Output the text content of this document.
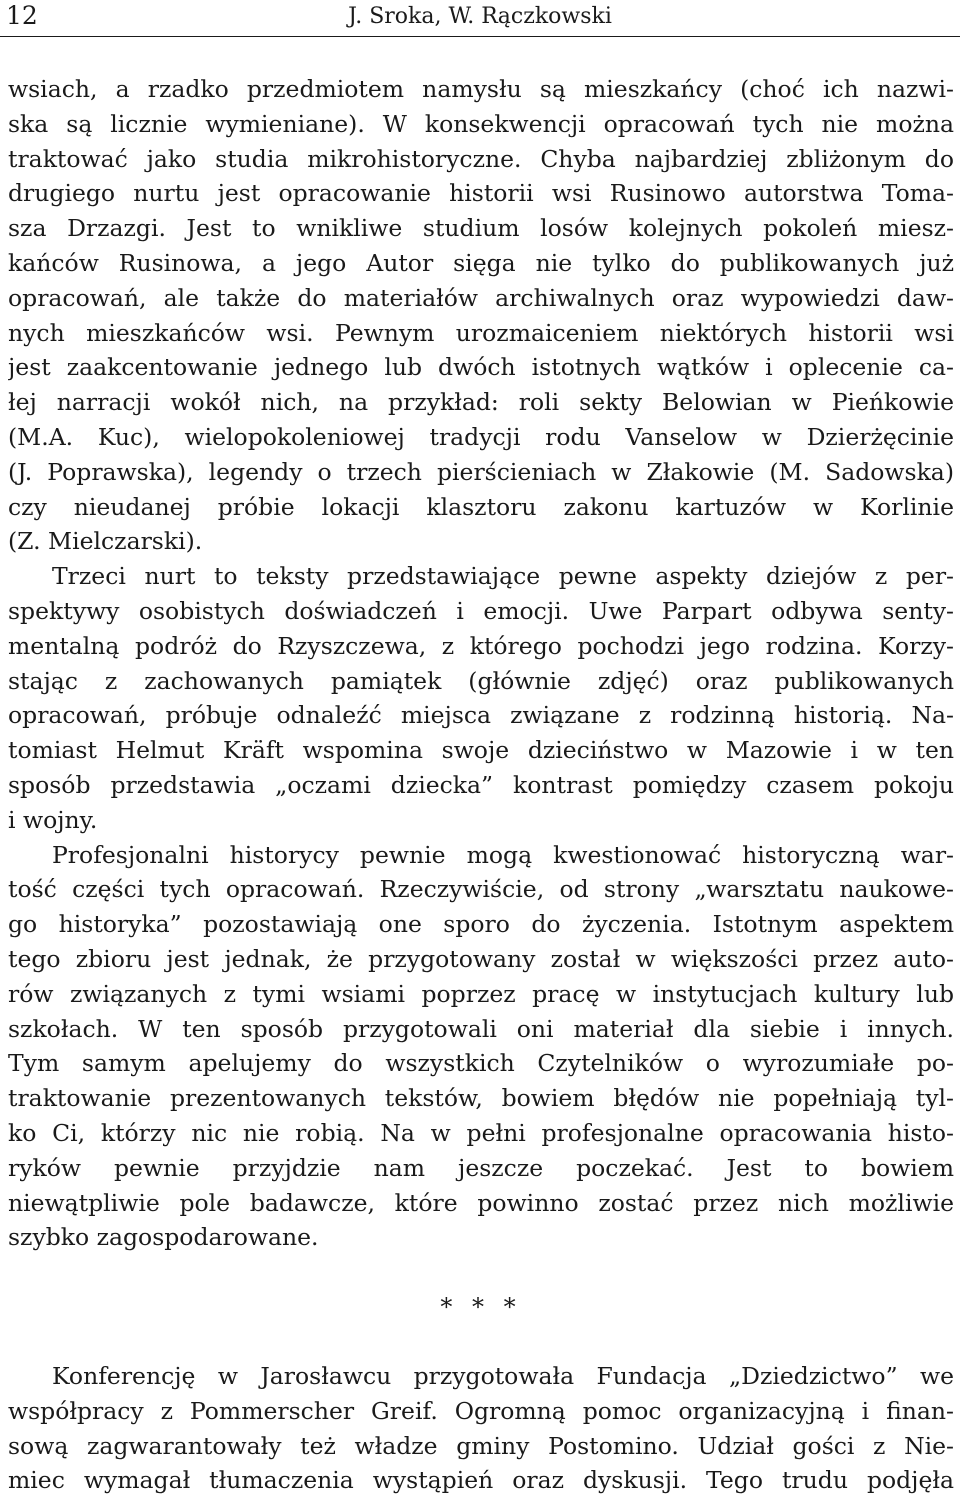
12	J. Sroka, W. Rączkowski
wsiach, a rzadko przedmiotem namysłu są mieszkańcy (choć ich nazwi-
ska są licznie wymieniane). W konsekwencji opracowań tych nie można
traktować jako studia mikrohistoryczne. Chyba najbardziej zbliżonym do
drugiego nurtu jest opracowanie historii wsi Rusinowo autorstwa Toma-
sza Drzazgi. Jest to wnikliwe studium losów kolejnych pokoleń miesz-
kańców Rusinowa, a jego Autor sięga nie tylko do publikowanych już
opracowań, ale także do materiałów archiwalnych oraz wypowiedzi daw-
nych mieszkańców wsi. Pewnym urozmaiceniem niektórych historii wsi
jest zaakcentowanie jednego lub dwóch istotnych wątków i oplecenie ca-
łej narracji wokół nich, na przykład: roli sekty Belowian w Pieńkowie
(M.A. Kuc), wielopokoleniowej tradycji rodu Vanselow w Dzierżęcinie
(J. Poprawska), legendy o trzech pierścieniach w Złakowie (M. Sadowska)
czy nieudanej próbie lokacji klasztoru zakonu kartuzów w Korlinie
(Z. Mielczarski).
Trzeci nurt to teksty przedstawiające pewne aspekty dziejów z per-
spektywy osobistych doświadczeń i emocji. Uwe Parpart odbywa senty-
mentalną podróż do Rzyszczewa, z którego pochodzi jego rodzina. Korzy-
stając z zachowanych pamiątek (głównie zdjęć) oraz publikowanych
opracowań, próbuje odnaleźć miejsca związane z rodzinną historią. Na-
tomiast Helmut Kräft wspomina swoje dzieciństwo w Mazowie i w ten
sposób przedstawia „oczami dziecka” kontrast pomiędzy czasem pokoju
i wojny.
Profesjonalni historycy pewnie mogą kwestionować historyczną war-
tość części tych opracowań. Rzeczywiście, od strony „warsztatu naukowe-
go historyka” pozostawiają one sporo do życzenia. Istotnym aspektem
tego zbioru jest jednak, że przygotowany został w większości przez auto-
rów związanych z tymi wsiami poprzez pracę w instytucjach kultury lub
szkołach. W ten sposób przygotowali oni materiał dla siebie i innych.
Tym samym apelujemy do wszystkich Czytelników o wyrozumiałe po-
traktowanie prezentowanych tekstów, bowiem błędów nie popełniają tyl-
ko Ci, którzy nic nie robią. Na w pełni profesjonalne opracowania histo-
ryków pewnie przyjdzie nam jeszcze poczekać. Jest to bowiem
niewątpliwie pole badawcze, które powinno zostać przez nich możliwie
szybko zagospodarowane.
* * *
Konferencję w Jarosławcu przygotowała Fundacja „Dziedzictwo” we
współpracy z Pommerscher Greif. Ogromną pomoc organizacyjną i finan-
sową zagwarantowały też władze gminy Postomino. Udział gości z Nie-
miec wymagał tłumaczenia wystąpień oraz dyskusji. Tego trudu podjęła
